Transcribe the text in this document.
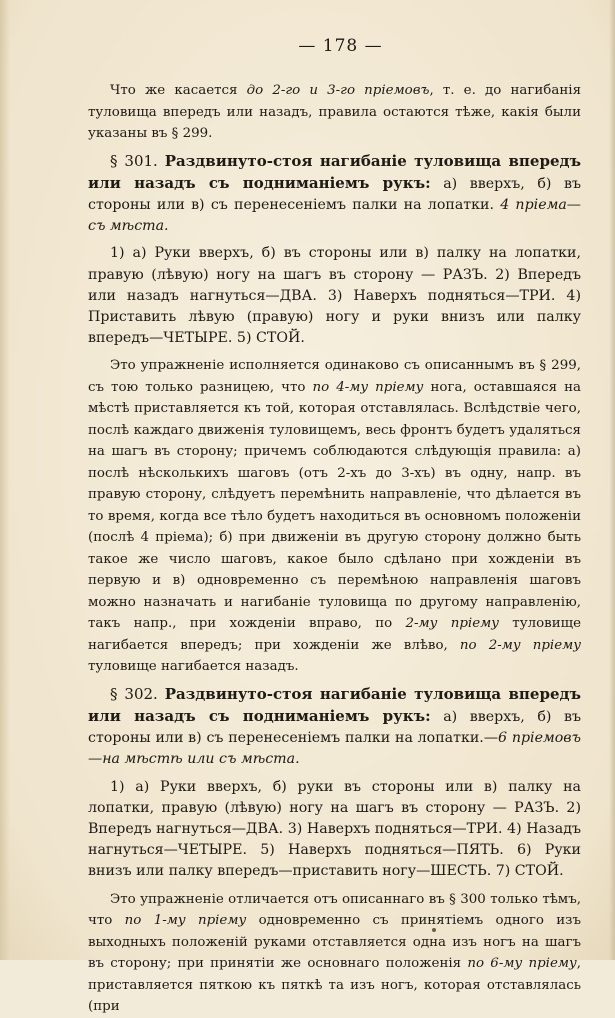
— 178 —

Что же касается до 2-го и 3-го пріемовъ, т. е. до нагибанія туловища впередъ или назадъ, правила остаются тѣже, какія были указаны въ § 299.

§ 301. Раздвинуто-стоя нагибаніе туловища впередъ или назадъ съ подниманіемъ рукъ: а) вверхъ, б) въ стороны или в) съ перенесеніемъ палки на лопатки. 4 пріема—съ мѣста.

1) а) Руки вверхъ, б) въ стороны или в) палку на лопатки, правую (лѣвую) ногу на шагъ въ сторону — РАЗЪ. 2) Впередъ или назадъ нагнуться—ДВА. 3) Наверхъ подняться—ТРИ. 4) Приставить лѣвую (правую) ногу и руки внизъ или палку впередъ—ЧЕТЫРЕ. 5) СТОЙ.

Это упражненіе исполняется одинаково съ описаннымъ въ § 299, съ тою только разницею, что по 4-му пріему нога, оставшаяся на мѣстѣ приставляется къ той, которая отставлялась. Вслѣдствіе чего, послѣ каждаго движенія туловищемъ, весь фронтъ будетъ удаляться на шагъ въ сторону; причемъ соблюдаются слѣдующія правила: а) послѣ нѣсколькихъ шаговъ (отъ 2-хъ до 3-хъ) въ одну, напр. въ правую сторону, слѣдуетъ перемѣнить направленіе, что дѣлается въ то время, когда все тѣло будетъ находиться въ основномъ положеніи (послѣ 4 пріема); б) при движеніи въ другую сторону должно быть такое же число шаговъ, какое было сдѣлано при хожденіи въ первую и в) одновременно съ перемѣною направленія шаговъ можно назначать и нагибаніе туловища по другому направленію, такъ напр., при хожденіи вправо, по 2-му пріему туловище нагибается впередъ; при хожденіи же влѣво, по 2-му пріему туловище нагибается назадъ.

§ 302. Раздвинуто-стоя нагибаніе туловища впередъ или назадъ съ подниманіемъ рукъ: а) вверхъ, б) въ стороны или в) съ перенесеніемъ палки на лопатки.—6 пріемовъ—на мѣстѣ или съ мѣста.

1) а) Руки вверхъ, б) руки въ стороны или в) палку на лопатки, правую (лѣвую) ногу на шагъ въ сторону — РАЗЪ. 2) Впередъ нагнуться—ДВА. 3) Наверхъ подняться—ТРИ. 4) Назадъ нагнуться—ЧЕТЫРЕ. 5) Наверхъ подняться—ПЯТЬ. 6) Руки внизъ или палку впередъ—приставить ногу—ШЕСТЬ. 7) СТОЙ.

Это упражненіе отличается отъ описаннаго въ § 300 только тѣмъ, что по 1-му пріему одновременно съ принятіемъ одного изъ выходныхъ положеній руками отставляется одна изъ ногъ на шагъ въ сторону; при принятіи же основнаго положенія по 6-му пріему, приставляется пяткою къ пяткѣ та изъ ногъ, которая отставлялась (при
